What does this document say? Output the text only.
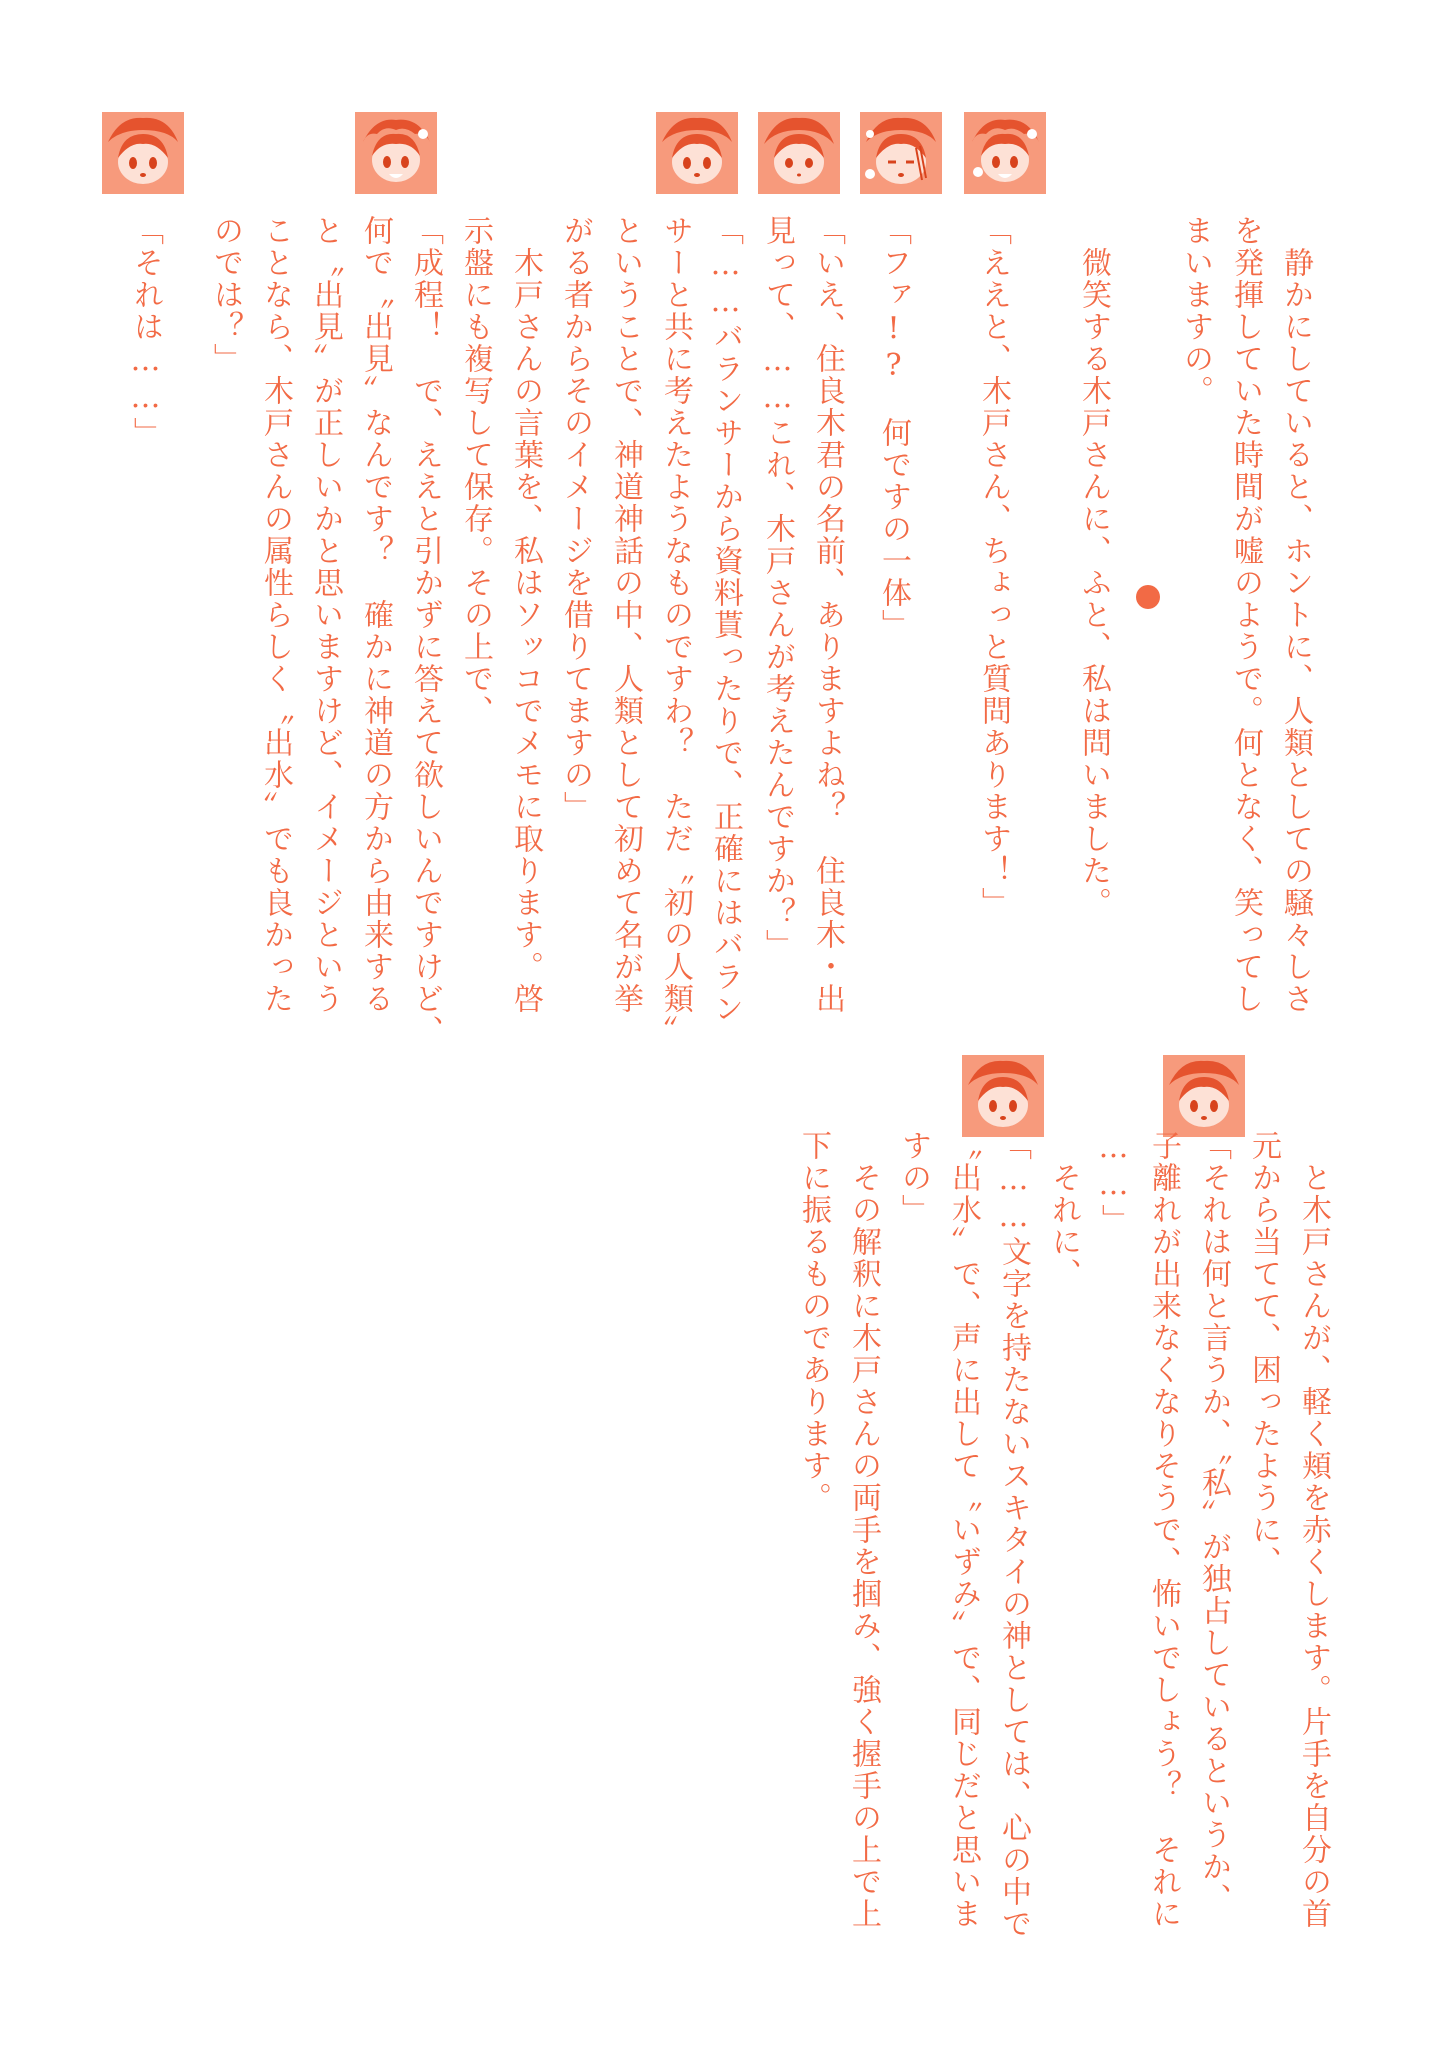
　静かにしていると、ホントに、人類としての騒々しさ
を発揮していた時間が嘘のようで。何となく、笑ってし
まいますの。
　微笑する木戸さんに、ふと、私は問いました。
「ええと、木戸さん、ちょっと質問あります！」
「ファ!?　何ですの一体」
「いえ、住良木君の名前、ありますよね？　住良木・出
見って、……これ、木戸さんが考えたんですか？」
「……バランサーから資料貰ったりで、正確にはバラン
サーと共に考えたようなものですわ？　ただ〝初の人類〟
ということで、神道神話の中、人類として初めて名が挙
がる者からそのイメージを借りてますの」
　木戸さんの言葉を、私はソッコでメモに取ります。啓
示盤にも複写して保存。その上で、
「成程！　で、ええと引かずに答えて欲しいんですけど、
何で〝出見〟なんです？　確かに神道の方から由来する
と〝出見〟が正しいかと思いますけど、イメージという
ことなら、木戸さんの属性らしく〝出水〟でも良かった
のでは？」
「それは……」
　と木戸さんが、軽く頬を赤くします。片手を自分の首
元から当てて、困ったように、
「それは何と言うか、〝私〟が独占しているというか、
子離れが出来なくなりそうで、怖いでしょう？　それに
……」
　それに、
「……文字を持たないスキタイの神としては、心の中で
〝出水〟で、声に出して〝いずみ〟で、同じだと思いま
すの」
　その解釈に木戸さんの両手を掴み、強く握手の上で上
下に振るものであります。
